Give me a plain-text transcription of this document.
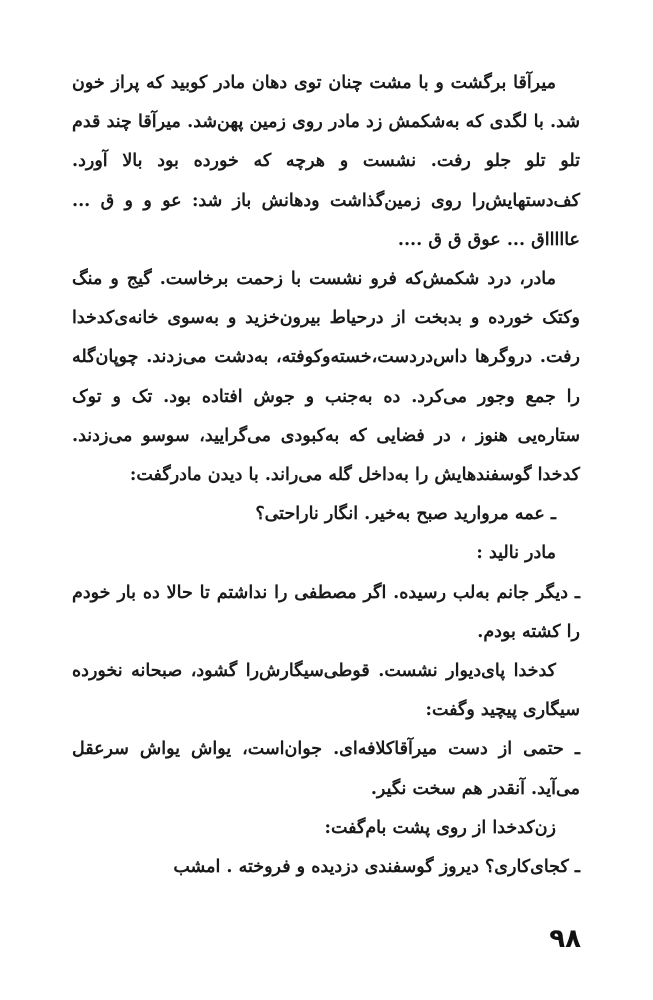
میرآقا برگشت و با مشت چنان توی دهان مادر کوبید که پراز خون شد. با لگدی که به‌شکمش زد مادر روی زمین پهن‌شد. میرآقا چند قدم تلو تلو جلو رفت. نشست و هرچه که خورده بود بالا آورد. کف‌دستهایش‌را روی زمین‌گذاشت ودهانش باز شد: عو و و ق ... عاااااق ... عوق ق ق ....

مادر، درد شکمش‌که فرو نشست با زحمت برخاست. گیج و منگ وکتک خورده و بدبخت از درحیاط بیرون‌خزید و به‌سوی خانه‌ی‌کدخدا رفت. دروگرها داس‌دردست،خسته‌وکوفته، به‌دشت می‌زدند. چوپان‌گله را جمع وجور می‌کرد. ده به‌جنب و جوش افتاده بود. تک و توک ستاره‌یی هنوز ، در فضایی که به‌کبودی می‌گرایید، سوسو می‌زدند. کدخدا گوسفندهایش را به‌داخل گله می‌راند. با دیدن مادرگفت:

ـ عمه مروارید صبح به‌خیر. انگار ناراحتی؟

مادر نالید :

ـ دیگر جانم به‌لب رسیده. اگر مصطفی را نداشتم تا حالا ده بار خودم را کشته بودم.

کدخدا پای‌دیوار نشست. قوطی‌سیگارش‌را گشود، صبحانه نخورده سیگاری پیچید وگفت:

ـ حتمی از دست میرآقاکلافه‌ای. جوان‌است، یواش یواش سرعقل می‌آید. آنقدر هم سخت نگیر.

زن‌کدخدا از روی پشت بام‌گفت:

ـ کجای‌کاری؟ دیروز گوسفندی دزدیده و فروخته . امشب

۹۸
